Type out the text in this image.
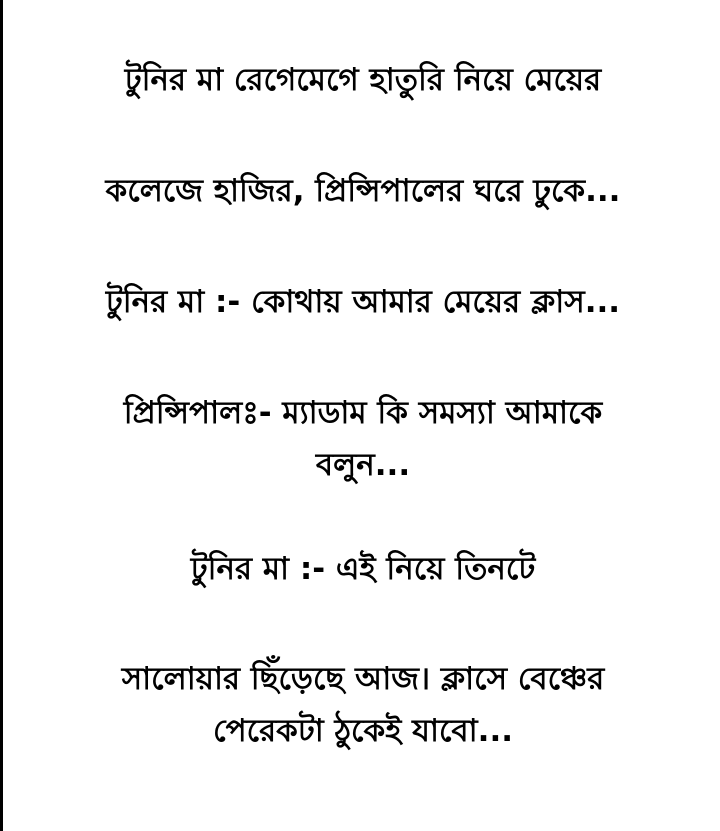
টুনির মা রেগেমেগে হাতুরি নিয়ে মেয়ের

কলেজে হাজির, প্রিন্সিপালের ঘরে ঢুকে...

টুনির মা :- কোথায় আমার মেয়ের ক্লাস...

প্রিন্সিপালঃ- ম্যাডাম কি সমস্যা আমাকে
বলুন...

টুনির মা :- এই নিয়ে তিনটে

সালোয়ার ছিঁড়েছে আজ। ক্লাসে বেঞ্চের
পেরেকটা ঠুকেই যাবো...
